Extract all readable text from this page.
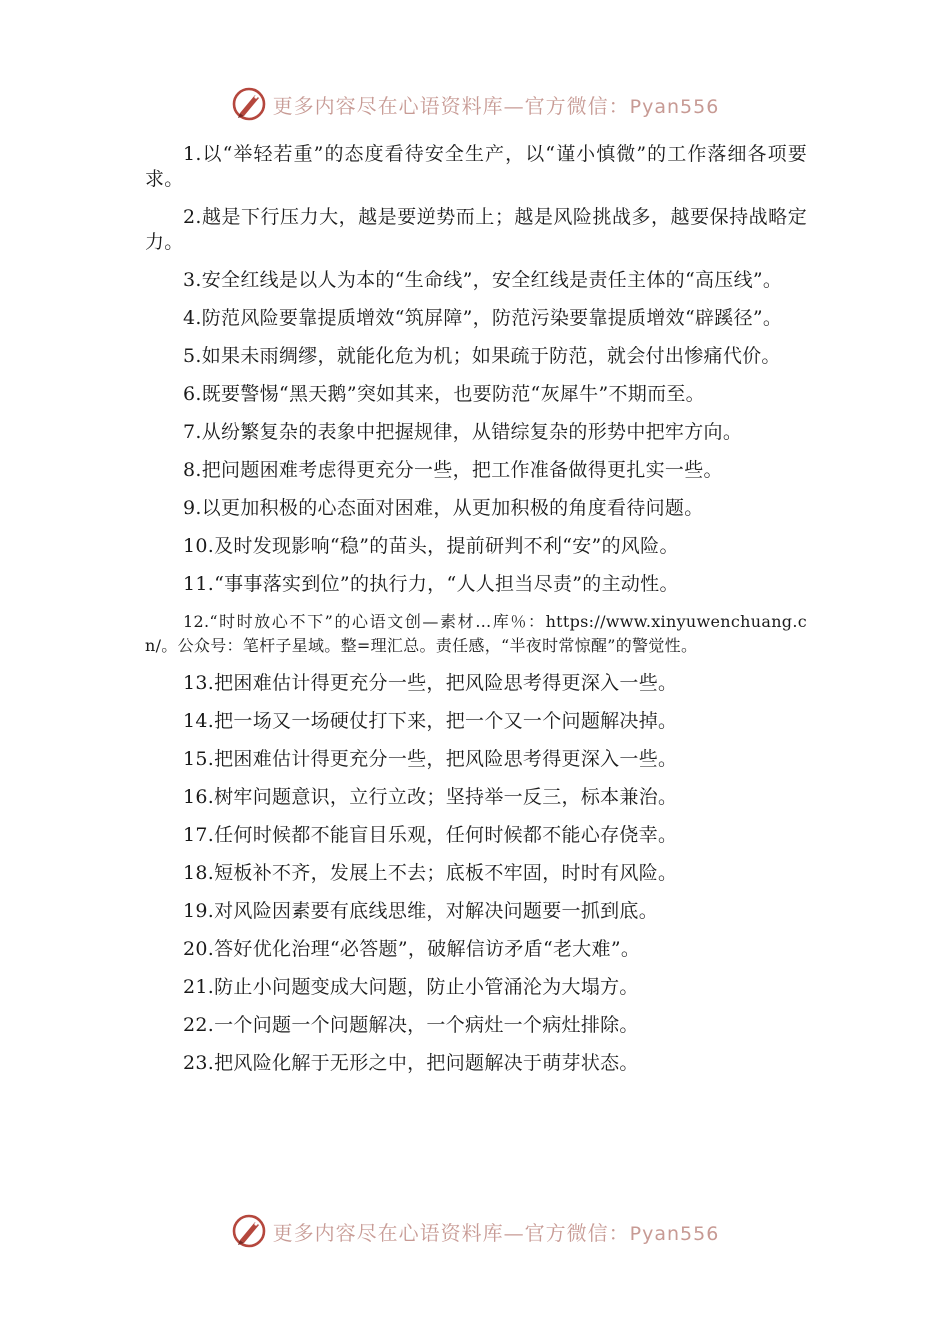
更多内容尽在心语资料库—官方微信：Pyan556

1.以“举轻若重”的态度看待安全生产，以“谨小慎微”的工作落细各项要求。

2.越是下行压力大，越是要逆势而上；越是风险挑战多，越要保持战略定力。

3.安全红线是以人为本的“生命线”，安全红线是责任主体的“高压线”。

4.防范风险要靠提质增效“筑屏障”，防范污染要靠提质增效“辟蹊径”。

5.如果未雨绸缪，就能化危为机；如果疏于防范，就会付出惨痛代价。

6.既要警惕“黑天鹅”突如其来，也要防范“灰犀牛”不期而至。

7.从纷繁复杂的表象中把握规律，从错综复杂的形势中把牢方向。

8.把问题困难考虑得更充分一些，把工作准备做得更扎实一些。

9.以更加积极的心态面对困难，从更加积极的角度看待问题。

10.及时发现影响“稳”的苗头，提前研判不利“安”的风险。

11.“事事落实到位”的执行力，“人人担当尽责”的主动性。

12.“时时放心不下”的心语文创—素材…库％：https://www.xinyuwenchuang.cn/。公众号：笔杆子星域。整=理汇总。责任感，“半夜时常惊醒”的警觉性。

13.把困难估计得更充分一些，把风险思考得更深入一些。

14.把一场又一场硬仗打下来，把一个又一个问题解决掉。

15.把困难估计得更充分一些，把风险思考得更深入一些。

16.树牢问题意识，立行立改；坚持举一反三，标本兼治。

17.任何时候都不能盲目乐观，任何时候都不能心存侥幸。

18.短板补不齐，发展上不去；底板不牢固，时时有风险。

19.对风险因素要有底线思维，对解决问题要一抓到底。

20.答好优化治理“必答题”，破解信访矛盾“老大难”。

21.防止小问题变成大问题，防止小管涌沦为大塌方。

22.一个问题一个问题解决，一个病灶一个病灶排除。

23.把风险化解于无形之中，把问题解决于萌芽状态。

更多内容尽在心语资料库—官方微信：Pyan556
